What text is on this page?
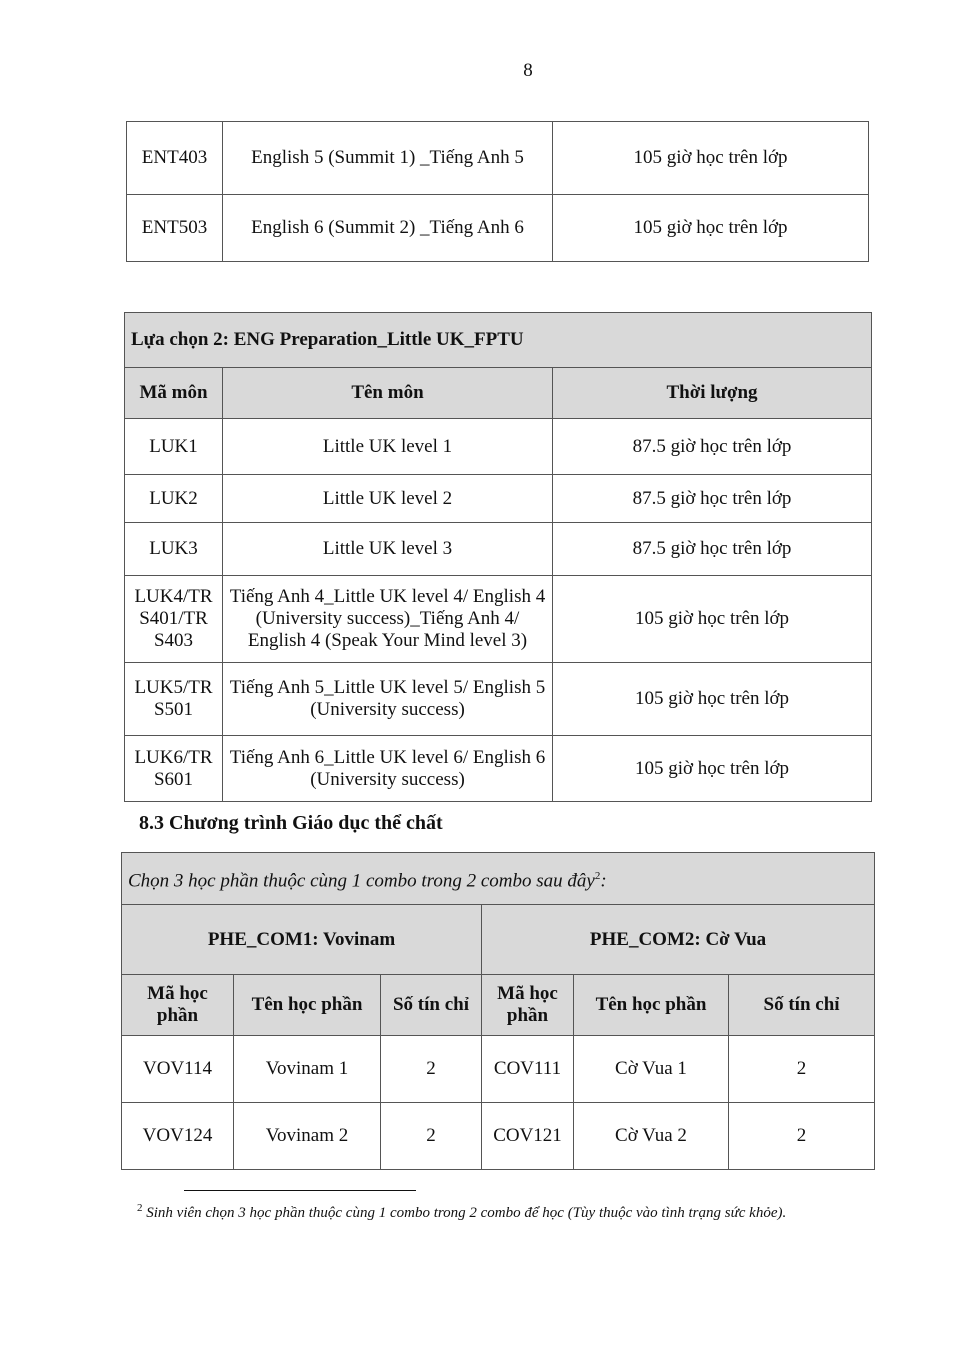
8
ENT403	English 5 (Summit 1) _Tiếng Anh 5	105 giờ học trên lớp
ENT503	English 6 (Summit 2) _Tiếng Anh 6	105 giờ học trên lớp
Lựa chọn 2: ENG Preparation_Little UK_FPTU		
Mã môn	Tên môn	Thời lượng
LUK1	Little UK level 1	87.5 giờ học trên lớp
LUK2	Little UK level 2	87.5 giờ học trên lớp
LUK3	Little UK level 3	87.5 giờ học trên lớp
LUK4/TR S401/TR S403	Tiếng Anh 4_Little UK level 4/ English 4 (University success)_Tiếng Anh 4/ English 4 (Speak Your Mind level 3)	105 giờ học trên lớp
LUK5/TR S501	Tiếng Anh 5_Little UK level 5/ English 5 (University success)	105 giờ học trên lớp
LUK6/TR S601	Tiếng Anh 6_Little UK level 6/ English 6 (University success)	105 giờ học trên lớp
8.3 Chương trình Giáo dục thể chất
Chọn 3 học phần thuộc cùng 1 combo trong 2 combo sau đây$^2$:					
PHE_COM1: Vovinam			PHE_COM2: Cờ Vua		
Mã học phần	Tên học phần	Số tín chỉ	Mã học phần	Tên học phần	Số tín chỉ
VOV114	Vovinam 1	2	COV111	Cờ Vua 1	2
VOV124	Vovinam 2	2	COV121	Cờ Vua 2	2
$^2$ Sinh viên chọn 3 học phần thuộc cùng 1 combo trong 2 combo để học (Tùy thuộc vào tình trạng sức khỏe).
